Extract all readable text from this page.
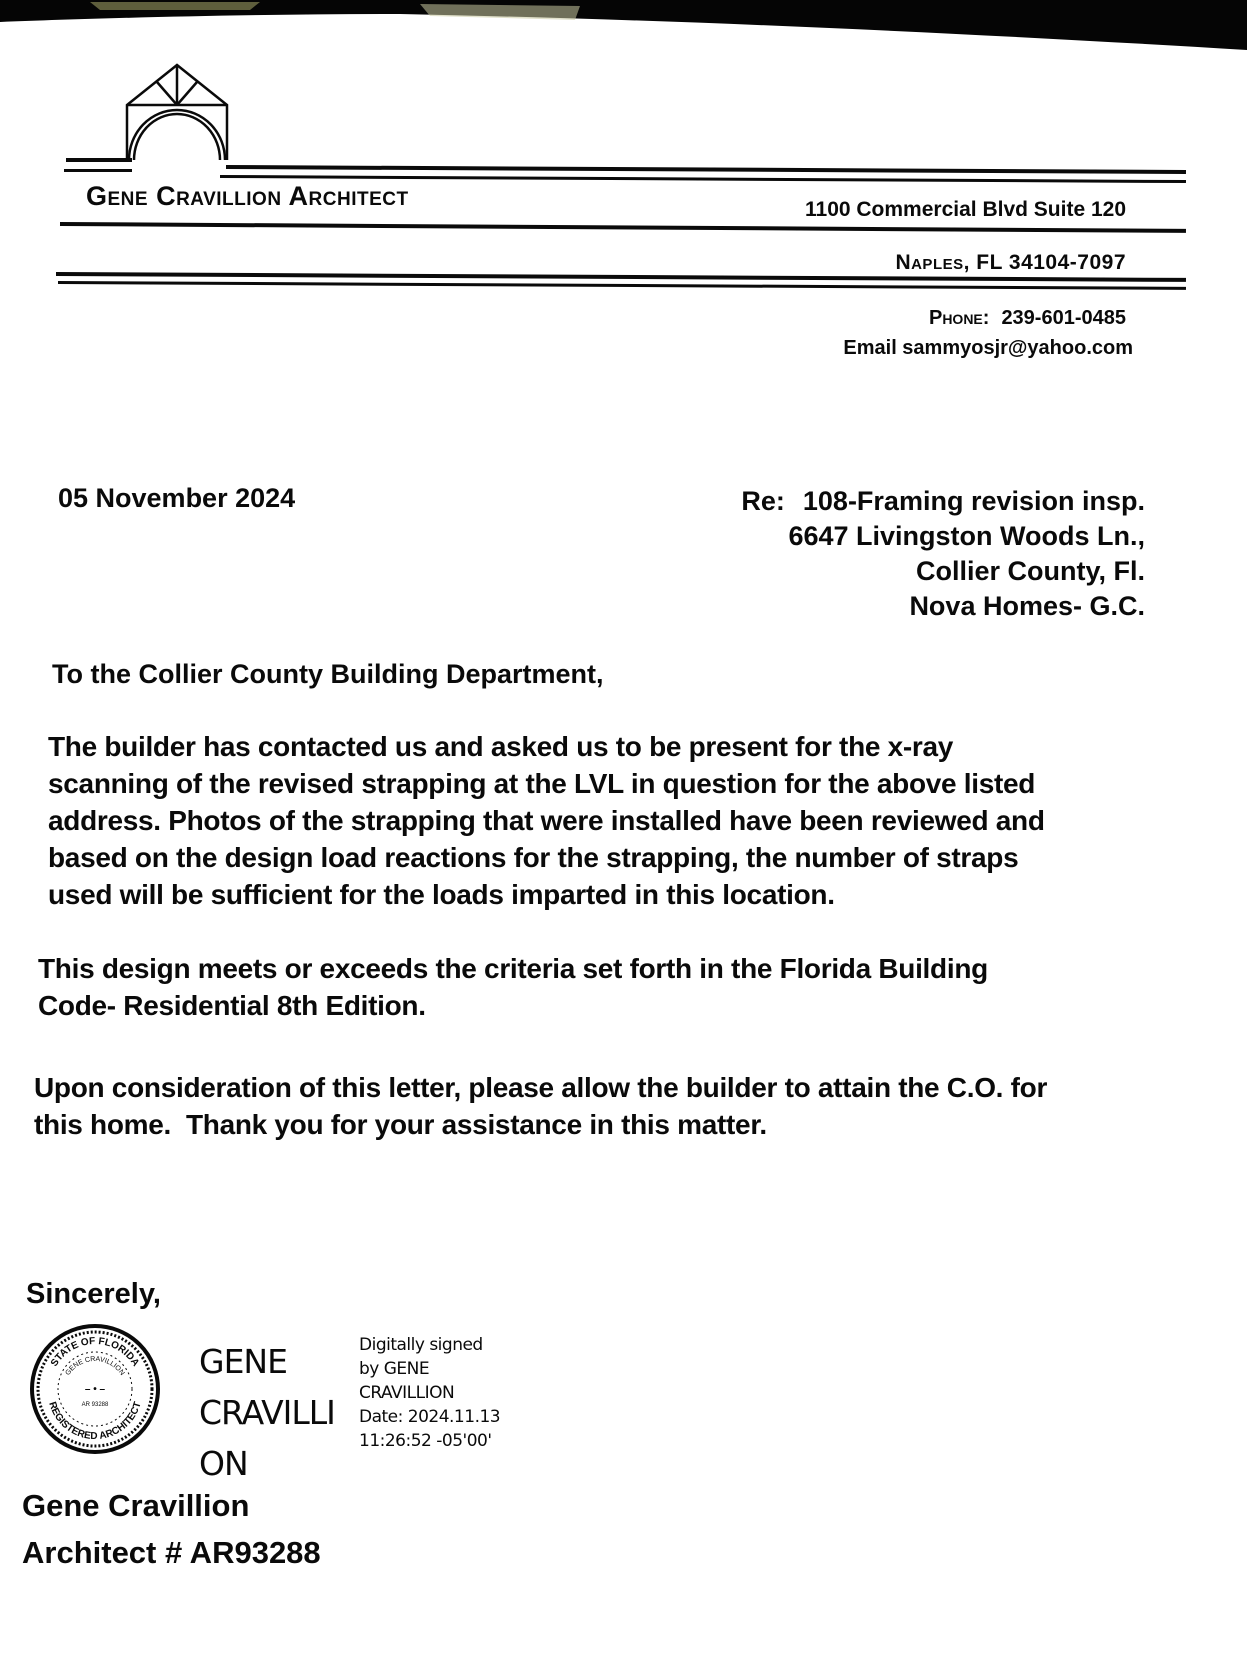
Gene Cravillion Architect	1100 Commercial Blvd Suite 120
Naples, FL 34104-7097
Phone: 239-601-0485
Email sammyosjr@yahoo.com
05 November 2024	Re: 108-Framing revision insp.
6647 Livingston Woods Ln.,
Collier County, Fl.
Nova Homes- G.C.
To the Collier County Building Department,
The builder has contacted us and asked us to be present for the x-ray
scanning of the revised strapping at the LVL in question for the above listed
address. Photos of the strapping that were installed have been reviewed and
based on the design load reactions for the strapping, the number of straps
used will be sufficient for the loads imparted in this location.
This design meets or exceeds the criteria set forth in the Florida Building
Code- Residential 8th Edition.
Upon consideration of this letter, please allow the builder to attain the C.O. for
this home.  Thank you for your assistance in this matter.
Sincerely,
STATE OF FLORIDA
GENE CRAVILLION
– • –
AR 93288
REGISTERED ARCHITECT
GENE
CRAVILLI
ON
Digitally signed
by GENE
CRAVILLION
Date: 2024.11.13
11:26:52 -05'00'
Gene Cravillion
Architect # AR93288
